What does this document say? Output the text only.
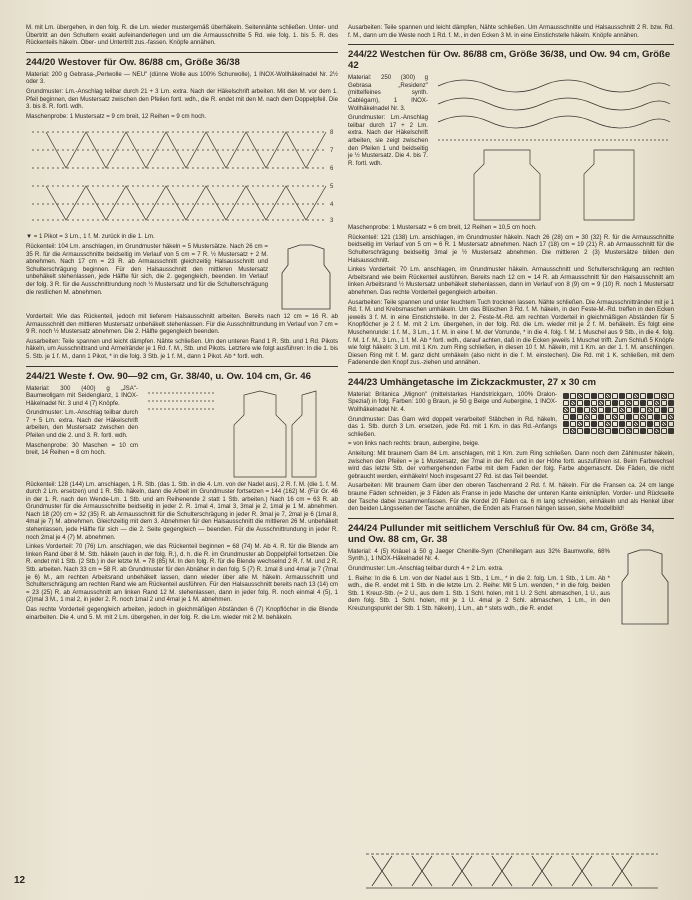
M. mit Lm. übergehen, in den folg. R. die Lm. wieder mustergemäß überhäkeln. Seitennähte schließen. Unter- und Übertritt an den Schultern exakt aufeinanderlegen und um die Armausschnitte 5 Rd. wie folg. 1. bis 5. R. des Rückenteils häkeln. Ober- und Untertritt zus.-fassen. Knöpfe annähen.

244/20 Westover für Ow. 86/88 cm, Größe 36/38

Material: 200 g Gebrasa-„Perlwolle — NEU" (dünne Wolle aus 100% Schurwolle), 1 INOX-Wollhäkelnadel Nr. 2½ oder 3.

Grundmuster: Lm.-Anschlag teilbar durch 21 + 3 Lm. extra. Nach der Häkelschrift arbeiten. Mit den M. vor dem 1. Pfeil beginnen, den Mustersatz zwischen den Pfeilen fortl. wdh., die R. endet mit den M. nach dem Doppelpfeil. Die 3. bis 8. R. fortl. wdh.

Maschenprobe: 1 Mustersatz = 9 cm breit, 12 Reihen = 9 cm hoch.

8
7
6
5
4
3

▼ = 1 Pikot = 3 Lm., 1 f. M. zurück in die 1. Lm.

Rückenteil: 104 Lm. anschlagen, im Grundmuster häkeln = 5 Mustersätze. Nach 26 cm = 35 R. für die Armausschnitte beidseitig im Verlauf von 5 cm = 7 R. ½ Mustersatz + 2 M. abnehmen. Nach 17 cm = 23 R. ab Armausschnitt gleichzeitig Halsausschnitt und Schulterschrägung beginnen. Für den Halsausschnitt den mittleren Mustersatz unbehäkelt stehenlassen, jede Hälfte für sich, die 2. gegengleich, beenden. Im Verlauf der folg. 3 R. für die Ausschnittrundung noch ½ Mustersatz und für die Schulterschrägung die restlichen M. abnehmen.

Vorderteil: Wie das Rückenteil, jedoch mit tieferem Halsausschnitt arbeiten. Bereits nach 12 cm = 16 R. ab Armausschnitt den mittleren Mustersatz unbehäkelt stehenlassen. Für die Ausschnittrundung im Verlauf von 7 cm = 9 R. noch ½ Mustersatz abnehmen. Die 2. Hälfte gegengleich beenden.

Ausarbeiten: Teile spannen und leicht dämpfen. Nähte schließen. Um den unteren Rand 1 R. Stb. und 1 Rd. Pikots häkeln, um Ausschnittrand und Armelränder je 1 Rd. f. M., Stb. und Pikots. Letztere wie folgt ausführen: In die 1. bis 5. Stb. je 1 f. M., dann 1 Pikot, * in die folg. 3 Stb. je 1 f. M., dann 1 Pikot. Ab * fortl. wdh.

244/21 Weste f. Ow. 90—92 cm, Gr. 38/40, u. Ow. 104 cm, Gr. 46

Material: 300 (400) g „JSA"-Baumwollgarn mit Seidenglanz, 1 INOX-Häkelnadel Nr. 3 und 4 (7) Knöpfe.

Grundmuster: Lm.-Anschlag teilbar durch 7 + 5 Lm. extra. Nach der Häkelschrift arbeiten, den Mustersatz zwischen den Pfeilen und die 2. und 3. R. fortl. wdh.

Maschenprobe: 30 Maschen = 10 cm breit, 14 Reihen = 8 cm hoch.

Rückenteil: 128 (144) Lm. anschlagen, 1 R. Stb. (das 1. Stb. in die 4. Lm. von der Nadel aus), 2 R. f. M. (die 1. f. M. durch 2 Lm. ersetzen) und 1 R. Stb. häkeln, dann die Arbeit im Grundmuster fortsetzen = 144 (162) M. (Für Gr. 46 in der 1. R. nach den Wende-Lm. 1 Stb. und am Reihenende 2 statt 1 Stb. arbeiten.) Nach 16 cm = 63 R. ab Grundmuster für die Armausschnitte beidseitig in jeder 2. R. 1mal 4, 1mal 3, 3mal je 2, 1mal je 1 M. abnehmen. Nach 18 (20) cm = 32 (35) R. ab Armausschnitt für die Schulterschrägung in jeder R. 3mal je 7, 2mal je 6 (1mal 8, 4mal je 7) M. abnehmen. Gleichzeitig mit dem 3. Abnehmen für den Halsausschnitt die mittleren 26 M. unbehäkelt stehenlassen, jede Hälfte für sich — die 2. Seite gegengleich — beenden. Für die Ausschnittrundung in jeder R. noch 2mal je 4 (7) M. abnehmen.

Linkes Vorderteil: 70 (76) Lm. anschlagen, wie das Rückenteil beginnen = 68 (74) M. Ab 4. R. für die Blende am linken Rand über 8 M. Stb. häkeln (auch in der folg. R.), d. h. die R. im Grundmuster ab Doppelpfeil fortsetzen. Die R. endet mit 1 Stb. (2 Stb.) in der letzte M. = 78 (85) M. In den folg. R. für die Blende wechselnd 2 R. f. M. und 2 R. Stb. arbeiten. Nach 33 cm = 58 R. ab Grundmuster für den Abnäher in den folg. 5 (7) R. 1mal 8 und 4mal je 7 (7mal je 6) M., am rechten Arbeitsrand unbehäkelt lassen, dann wieder über alle M. häkeln. Armausschnitt und Schulterschrägung am rechten Rand wie am Rückenteil ausführen. Für den Halsausschnitt bereits nach 13 (14) cm = 23 (25) R. ab Armausschnitt am linken Rand 12 M. stehenlassen, dann in jeder folg. R. noch einmal 4 (5), 1 (2)mal 3 M., 1 mal 2, in jeder 2. R. noch 1mal 2 und 4mal je 1 M. abnehmen.

Das rechte Vorderteil gegengleich arbeiten, jedoch in gleichmäßigen Abständen 6 (7) Knopflöcher in die Blende einarbeiten. Die 4. und 5. M. mit 2 Lm. übergehen, in der folg. R. die Lm. wieder mit 2 M. behäkeln.

Ausarbeiten: Teile spannen und leicht dämpfen, Nähte schließen. Um Armausschnitte und Halsausschnitt 2 R. bzw. Rd. f. M., dann um die Weste noch 1 Rd. f. M., in den Ecken 3 M. in eine Einstichstelle häkeln. Knöpfe annähen.

244/22 Westchen für Ow. 86/88 cm, Größe 36/38, und Ow. 94 cm, Größe 42

Material: 250 (300) g Gebrasa „Residenz" (mittelfeines synth. Cablégarn), 1 INOX-Wollhäkelnadel Nr. 3.

Grundmuster: Lm.-Anschlag teilbar durch 17 + 2 Lm. extra. Nach der Häkelschrift arbeiten, sie zeigt zwischen den Pfeilen 1 und beidseitig je ½ Mustersatz. Die 4. bis 7. R. fortl. wdh.

Maschenprobe: 1 Mustersatz = 6 cm breit, 12 Reihen = 10,5 cm hoch.

Rückenteil: 121 (138) Lm. anschlagen, im Grundmuster häkeln. Nach 26 (28) cm = 30 (32) R. für die Armausschnitte beidseitig im Verlauf von 5 cm = 6 R. 1 Mustersatz abnehmen. Nach 17 (18) cm = 19 (21) R. ab Armausschnitt für die Schulterschrägung beidseitig 3mal je ½ Mustersatz abnehmen. Die mittleren 2 (3) Mustersätze bilden den Halsausschnitt.

Linkes Vorderteil: 70 Lm. anschlagen, im Grundmuster häkeln. Armausschnitt und Schulterschrägung am rechten Arbeitsrand wie beim Rückenteil ausführen. Bereits nach 12 cm = 14 R. ab Armausschnitt für den Halsausschnitt am linken Arbeitsrand ½ Mustersatz unbehäkelt stehenlassen, dann im Verlauf von 8 (9) cm = 9 (10) R. noch 1 Mustersatz abnehmen. Das rechte Vorderteil gegengleich arbeiten.

Ausarbeiten: Teile spannen und unter feuchtem Tuch trocknen lassen. Nähte schließen. Die Armausschnittränder mit je 1 Rd. f. M. und Krebsmaschen umhäkeln. Um das Blüschen 3 Rd. f. M. häkeln, in den Feste-M.-Rd. treffen in den Ecken jeweils 3 f. M. in eine Einstichstelle. In der 2. Feste-M.-Rd. am rechten Vorderteil in gleichmäßigen Abständen für 5 Knopflöcher je 2 f. M. mit 2 Lm. übergehen, in der folg. Rd. die Lm. wieder mit je 2 f. M. behäkeln. Es folgt eine Muschenrunde: 1 f. M., 3 Lm., 1 f. M. in eine f. M. der Vorrunde, * in die 4. folg. f. M. 1 Muschel aus 9 Stb., in die 4. folg. f. M. 1 f. M., 3 Lm., 1 f. M. Ab * fortl. wdh., darauf achten, daß in die Ecken jeweils 1 Muschel trifft. Zum Schluß 5 Knöpfe wie folgt häkeln: 3 Lm. mit 1 Km. zum Ring schließen, in diesen 10 f. M. häkeln, mit 1 Km. an der 1. f. M. anschlingen. Diesen Ring mit f. M. ganz dicht umhäkeln (also nicht in die f. M. einstechen). Die Rd. mit 1 K. schließen, mit dem Fadenende den Knopf zus.-ziehen und annähen.

244/23 Umhängetasche im Zickzackmuster, 27 x 30 cm

Material: Britanica „Mignon" (mittelstarkes Handstrickgarn, 100% Dralon-Spezial) in folg. Farben: 100 g Braun, je 50 g Beige und Aubergine, 1 INOX-Wollhäkelnadel Nr. 4.

Grundmuster: Das Garn wird doppelt verarbeitet! Stäbchen in Rd. häkeln, das 1. Stb. durch 3 Lm. ersetzen, jede Rd. mit 1 Km. in das Rd.-Anfangs schließen.

= von links nach rechts: braun, aubergine, beige.

Anleitung: Mit braunem Garn 84 Lm. anschlagen, mit 1 Km. zum Ring schließen. Dann noch dem Zählmuster häkeln, zwischen den Pfeilen = je 1 Mustersatz, der 7mal in der Rd. und in der Höhe fortl. auszuführen ist. Beim Farbwechsel wird das letzte Stb. der vorhergehenden Farbe mit dem Faden der folg. Farbe abgemascht. Die Fäden, die nicht gebraucht werden, einhäkeln! Noch insgesamt 27 Rd. ist das Teil beendet.

Ausarbeiten: Mit braunem Garn über den oberen Taschenrand 2 Rd. f. M. häkeln. Für die Fransen ca. 24 cm lange braune Fäden schneiden, je 3 Fäden als Franse in jede Masche der unteren Kante einknüpfen. Vorder- und Rückseite der Tasche dabei zusammenfassen. Für die Kordel 20 Fäden ca. 6 m lang schneiden, einhäkeln und als Henkel über den beiden Längsseiten der Tasche annähen, die Enden als Fransen hängen lassen, siehe Modellbild!

244/24 Pullunder mit seitlichem Verschluß für Ow. 84 cm, Größe 34, und Ow. 88 cm, Gr. 38

Material: 4 (5) Knäuel à 50 g Jaeger Chenille-Sym (Chenillegarn aus 32% Baumwolle, 68% Synth.), 1 INOX-Häkelnadel Nr. 4.

Grundmuster: Lm.-Anschlag teilbar durch 4 + 2 Lm. extra.

1. Reihe: In die 6. Lm. von der Nadel aus 1 Stb., 1 Lm., * in die 2. folg. Lm. 1 Stb., 1 Lm. Ab * wdh., die R. endet mit 1 Stb. in die letzte Lm. 2. Reihe: Mit 5 Lm. wenden, * in die folg. beiden Stb. 1 Kreuz-Stb. (= 2 U., aus dem 1. Stb. 1 Schl. holen, mit 1 U. 2 Schl. abmaschen, 1 U., aus dem folg. Stb. 1 Schl. holen, mit je 1 U. 4mal je 2 Schl. abmaschen, 1 Lm., in den Kreuzungspunkt der Stb. 1 Stb. häkeln), 1 Lm., ab * stets wdh., die R. endet

12
